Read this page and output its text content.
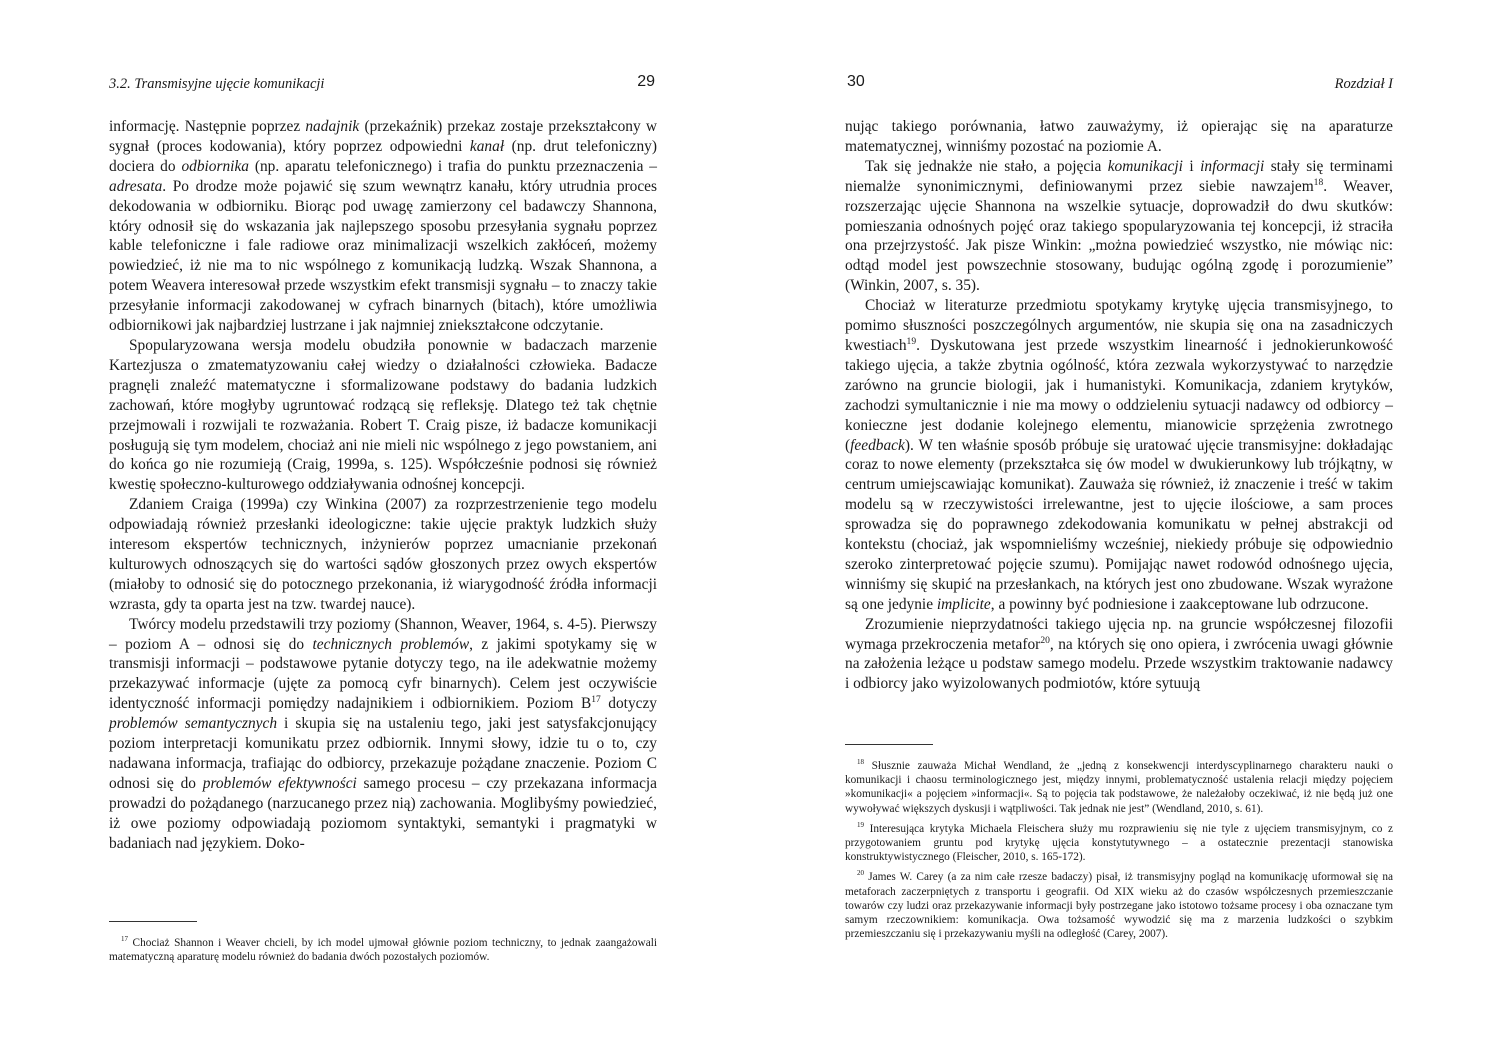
3.2. Transmisyjne ujęcie komunikacji	29

informację. Następnie poprzez nadajnik (przekaźnik) przekaz zostaje przekształcony w sygnał (proces kodowania), który poprzez odpowiedni kanał (np. drut telefoniczny) dociera do odbiornika (np. aparatu telefonicznego) i trafia do punktu przeznaczenia – adresata. Po drodze może pojawić się szum wewnątrz kanału, który utrudnia proces dekodowania w odbiorniku. Biorąc pod uwagę zamierzony cel badawczy Shannona, który odnosił się do wskazania jak najlepszego sposobu przesyłania sygnału poprzez kable telefoniczne i fale radiowe oraz minimalizacji wszelkich zakłóceń, możemy powiedzieć, iż nie ma to nic wspólnego z komunikacją ludzką. Wszak Shannona, a potem Weavera interesował przede wszystkim efekt transmisji sygnału – to znaczy takie przesyłanie informacji zakodowanej w cyfrach binarnych (bitach), które umożliwia odbiornikowi jak najbardziej lustrzane i jak najmniej zniekształcone odczytanie.

Spopularyzowana wersja modelu obudziła ponownie w badaczach marzenie Kartezjusza o zmatematyzowaniu całej wiedzy o działalności człowieka. Badacze pragnęli znaleźć matematyczne i sformalizowane podstawy do badania ludzkich zachowań, które mogłyby ugruntować rodzącą się refleksję. Dlatego też tak chętnie przejmowali i rozwijali te rozważania. Robert T. Craig pisze, iż badacze komunikacji posługują się tym modelem, chociaż ani nie mieli nic wspólnego z jego powstaniem, ani do końca go nie rozumieją (Craig, 1999a, s. 125). Współcześnie podnosi się również kwestię społeczno-kulturowego oddziaływania odnośnej koncepcji.

Zdaniem Craiga (1999a) czy Winkina (2007) za rozprzestrzenienie tego modelu odpowiadają również przesłanki ideologiczne: takie ujęcie praktyk ludzkich służy interesom ekspertów technicznych, inżynierów poprzez umacnianie przekonań kulturowych odnoszących się do wartości sądów głoszonych przez owych ekspertów (miałoby to odnosić się do potocznego przekonania, iż wiarygodność źródła informacji wzrasta, gdy ta oparta jest na tzw. twardej nauce).

Twórcy modelu przedstawili trzy poziomy (Shannon, Weaver, 1964, s. 4-5). Pierwszy – poziom A – odnosi się do technicznych problemów, z jakimi spotykamy się w transmisji informacji – podstawowe pytanie dotyczy tego, na ile adekwatnie możemy przekazywać informacje (ujęte za pomocą cyfr binarnych). Celem jest oczywiście identyczność informacji pomiędzy nadajnikiem i odbiornikiem. Poziom $B^{17}$ dotyczy problemów semantycznych i skupia się na ustaleniu tego, jaki jest satysfakcjonujący poziom interpretacji komunikatu przez odbiornik. Innymi słowy, idzie tu o to, czy nadawana informacja, trafiając do odbiorcy, przekazuje pożądane znaczenie. Poziom C odnosi się do problemów efektywności samego procesu – czy przekazana informacja prowadzi do pożądanego (narzucanego przez nią) zachowania. Moglibyśmy powiedzieć, iż owe poziomy odpowiadają poziomom syntaktyki, semantyki i pragmatyki w badaniach nad językiem. Doko-

$^{17}$ Chociaż Shannon i Weaver chcieli, by ich model ujmował głównie poziom techniczny, to jednak zaangażowali matematyczną aparaturę modelu również do badania dwóch pozostałych poziomów.

30	Rozdział I

nując takiego porównania, łatwo zauważymy, iż opierając się na aparaturze matematycznej, winniśmy pozostać na poziomie A.

Tak się jednakże nie stało, a pojęcia komunikacji i informacji stały się terminami niemalże synonimicznymi, definiowanymi przez siebie nawzajem$^{18}$. Weaver, rozszerzając ujęcie Shannona na wszelkie sytuacje, doprowadził do dwu skutków: pomieszania odnośnych pojęć oraz takiego spopularyzowania tej koncepcji, iż straciła ona przejrzystość. Jak pisze Winkin: „można powiedzieć wszystko, nie mówiąc nic: odtąd model jest powszechnie stosowany, budując ogólną zgodę i porozumienie” (Winkin, 2007, s. 35).

Chociaż w literaturze przedmiotu spotykamy krytykę ujęcia transmisyjnego, to pomimo słuszności poszczególnych argumentów, nie skupia się ona na zasadniczych kwestiach$^{19}$. Dyskutowana jest przede wszystkim linearność i jednokierunkowość takiego ujęcia, a także zbytnia ogólność, która zezwala wykorzystywać to narzędzie zarówno na gruncie biologii, jak i humanistyki. Komunikacja, zdaniem krytyków, zachodzi symultanicznie i nie ma mowy o oddzieleniu sytuacji nadawcy od odbiorcy – konieczne jest dodanie kolejnego elementu, mianowicie sprzężenia zwrotnego (feedback). W ten właśnie sposób próbuje się uratować ujęcie transmisyjne: dokładając coraz to nowe elementy (przekształca się ów model w dwukierunkowy lub trójkątny, w centrum umiejscawiając komunikat). Zauważa się również, iż znaczenie i treść w takim modelu są w rzeczywistości irrelewantne, jest to ujęcie ilościowe, a sam proces sprowadza się do poprawnego zdekodowania komunikatu w pełnej abstrakcji od kontekstu (chociaż, jak wspomnieliśmy wcześniej, niekiedy próbuje się odpowiednio szeroko zinterpretować pojęcie szumu). Pomijając nawet rodowód odnośnego ujęcia, winniśmy się skupić na przesłankach, na których jest ono zbudowane. Wszak wyrażone są one jedynie implicite, a powinny być podniesione i zaakceptowane lub odrzucone.

Zrozumienie nieprzydatności takiego ujęcia np. na gruncie współczesnej filozofii wymaga przekroczenia metafor$^{20}$, na których się ono opiera, i zwrócenia uwagi głównie na założenia leżące u podstaw samego modelu. Przede wszystkim traktowanie nadawcy i odbiorcy jako wyizolowanych podmiotów, które sytuują

$^{18}$ Słusznie zauważa Michał Wendland, że „jedną z konsekwencji interdyscyplinarnego charakteru nauki o komunikacji i chaosu terminologicznego jest, między innymi, problematyczność ustalenia relacji między pojęciem »komunikacji« a pojęciem »informacji«. Są to pojęcia tak podstawowe, że należałoby oczekiwać, iż nie będą już one wywoływać większych dyskusji i wątpliwości. Tak jednak nie jest” (Wendland, 2010, s. 61).

$^{19}$ Interesująca krytyka Michaela Fleischera służy mu rozprawieniu się nie tyle z ujęciem transmisyjnym, co z przygotowaniem gruntu pod krytykę ujęcia konstytutywnego – a ostatecznie prezentacji stanowiska konstruktywistycznego (Fleischer, 2010, s. 165-172).

$^{20}$ James W. Carey (a za nim całe rzesze badaczy) pisał, iż transmisyjny pogląd na komunikację uformował się na metaforach zaczerpniętych z transportu i geografii. Od XIX wieku aż do czasów współczesnych przemieszczanie towarów czy ludzi oraz przekazywanie informacji były postrzegane jako istotowo tożsame procesy i oba oznaczane tym samym rzeczownikiem: komunikacja. Owa tożsamość wywodzić się ma z marzenia ludzkości o szybkim przemieszczaniu się i przekazywaniu myśli na odległość (Carey, 2007).
